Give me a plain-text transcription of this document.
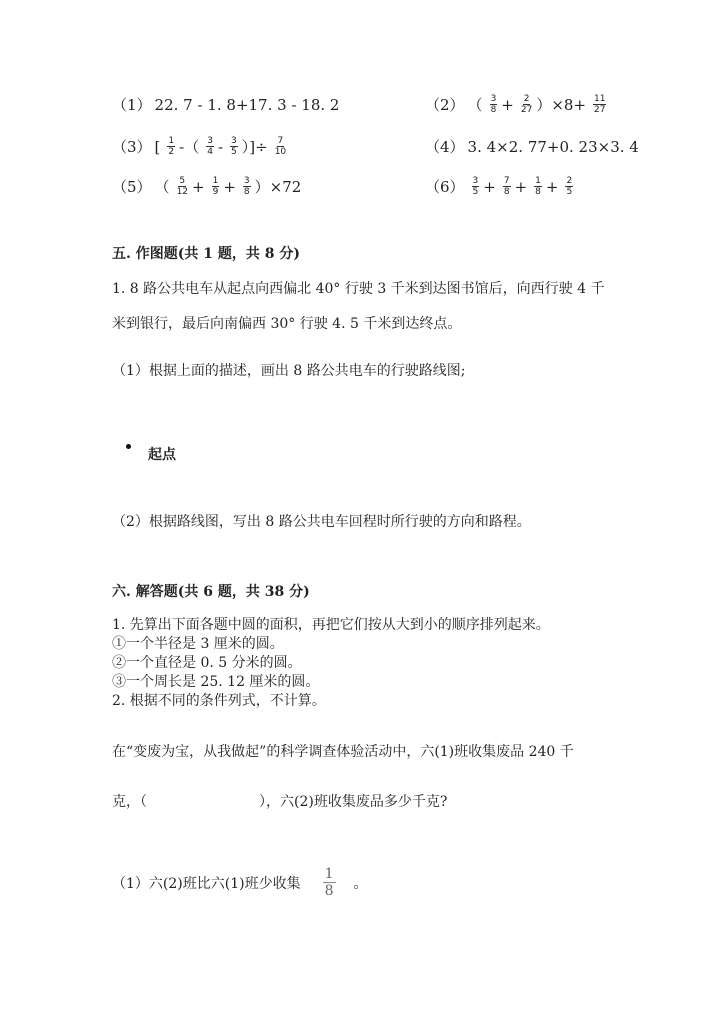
（1） 22. 7 - 1. 8+17. 3 - 18. 2	（2） （ $\frac{3}{8} + \frac{2}{27} )\times 8+ \frac{11}{27}$
（3） [ $\frac{1}{2}$ -（ $\frac{3}{4} - \frac{3}{5}$ ）]÷ $\frac{7}{10}$	（4） 3. 4×2. 77+0. 23×3. 4
（5） （ $\frac{5}{12} + \frac{1}{9} + \frac{3}{8} )\times 72$	$(6) \frac{3}{5} + \frac{7}{8} + \frac{1}{8} + \frac{2}{5}$
五. 作图题(共 1 题，共 8 分)
1. 8 路公共电车从起点向西偏北 40° 行驶 3 千米到达图书馆后，向西行驶 4 千
米到银行，最后向南偏西 30° 行驶 4. 5 千米到达终点。
（1）根据上面的描述，画出 8 路公共电车的行驶路线图;
起点
（2）根据路线图，写出 8 路公共电车回程时所行驶的方向和路程。
六. 解答题(共 6 题，共 38 分)
1. 先算出下面各题中圆的面积，再把它们按从大到小的顺序排列起来。
①一个半径是 3 厘米的圆。
②一个直径是 0. 5 分米的圆。
③一个周长是 25. 12 厘米的圆。
2. 根据不同的条件列式，不计算。
在“变废为宝，从我做起”的科学调查体验活动中，六(1)班收集废品 240 千
克，（	），六(2)班收集废品多少千克?
（1）六(2)班比六(1)班少收集 $\frac{1}{8}$ 。
